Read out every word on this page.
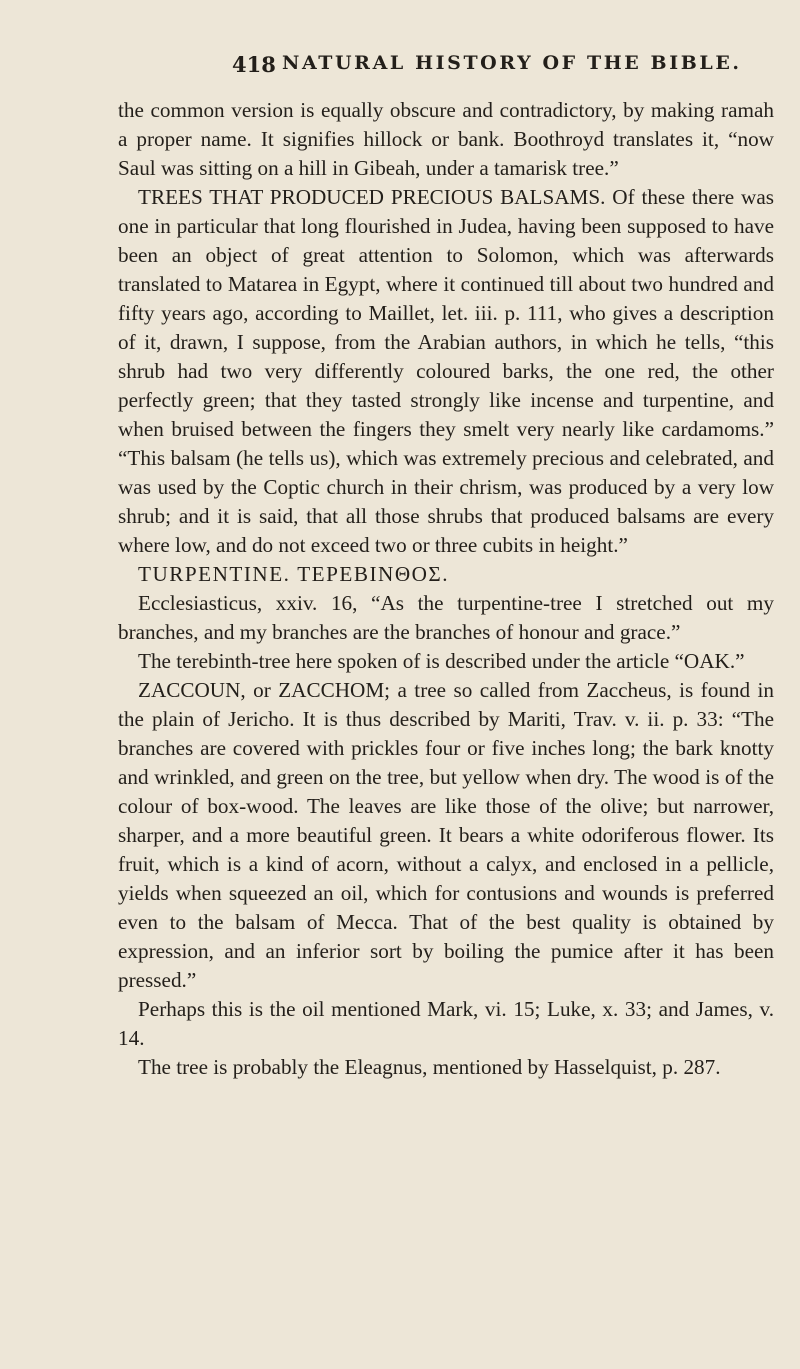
418 NATURAL HISTORY OF THE BIBLE.

the common version is equally obscure and contradictory, by making ramah a proper name. It signifies hillock or bank. Boothroyd translates it, “now Saul was sitting on a hill in Gibeah, under a tamarisk tree.”

TREES THAT PRODUCED PRECIOUS BALSAMS. Of these there was one in particular that long flourished in Judea, having been supposed to have been an object of great attention to Solomon, which was afterwards translated to Matarea in Egypt, where it continued till about two hundred and fifty years ago, according to Maillet, let. iii. p. 111, who gives a description of it, drawn, I suppose, from the Arabian authors, in which he tells, “this shrub had two very differently coloured barks, the one red, the other perfectly green; that they tasted strongly like incense and turpentine, and when bruised between the fingers they smelt very nearly like cardamoms.” “This balsam (he tells us), which was extremely precious and celebrated, and was used by the Coptic church in their chrism, was produced by a very low shrub; and it is said, that all those shrubs that produced balsams are every where low, and do not exceed two or three cubits in height.”

TURPENTINE. ΤΕΡΕΒΙΝΘΟΣ.

Ecclesiasticus, xxiv. 16, “As the turpentine-tree I stretched out my branches, and my branches are the branches of honour and grace.”

The terebinth-tree here spoken of is described under the article “OAK.”

ZACCOUN, or ZACCHOM; a tree so called from Zaccheus, is found in the plain of Jericho. It is thus described by Mariti, Trav. v. ii. p. 33: “The branches are covered with prickles four or five inches long; the bark knotty and wrinkled, and green on the tree, but yellow when dry. The wood is of the colour of box-wood. The leaves are like those of the olive; but narrower, sharper, and a more beautiful green. It bears a white odoriferous flower. Its fruit, which is a kind of acorn, without a calyx, and enclosed in a pellicle, yields when squeezed an oil, which for contusions and wounds is preferred even to the balsam of Mecca. That of the best quality is obtained by expression, and an inferior sort by boiling the pumice after it has been pressed.”

Perhaps this is the oil mentioned Mark, vi. 15; Luke, x. 33; and James, v. 14.

The tree is probably the Eleagnus, mentioned by Hasselquist, p. 287.
